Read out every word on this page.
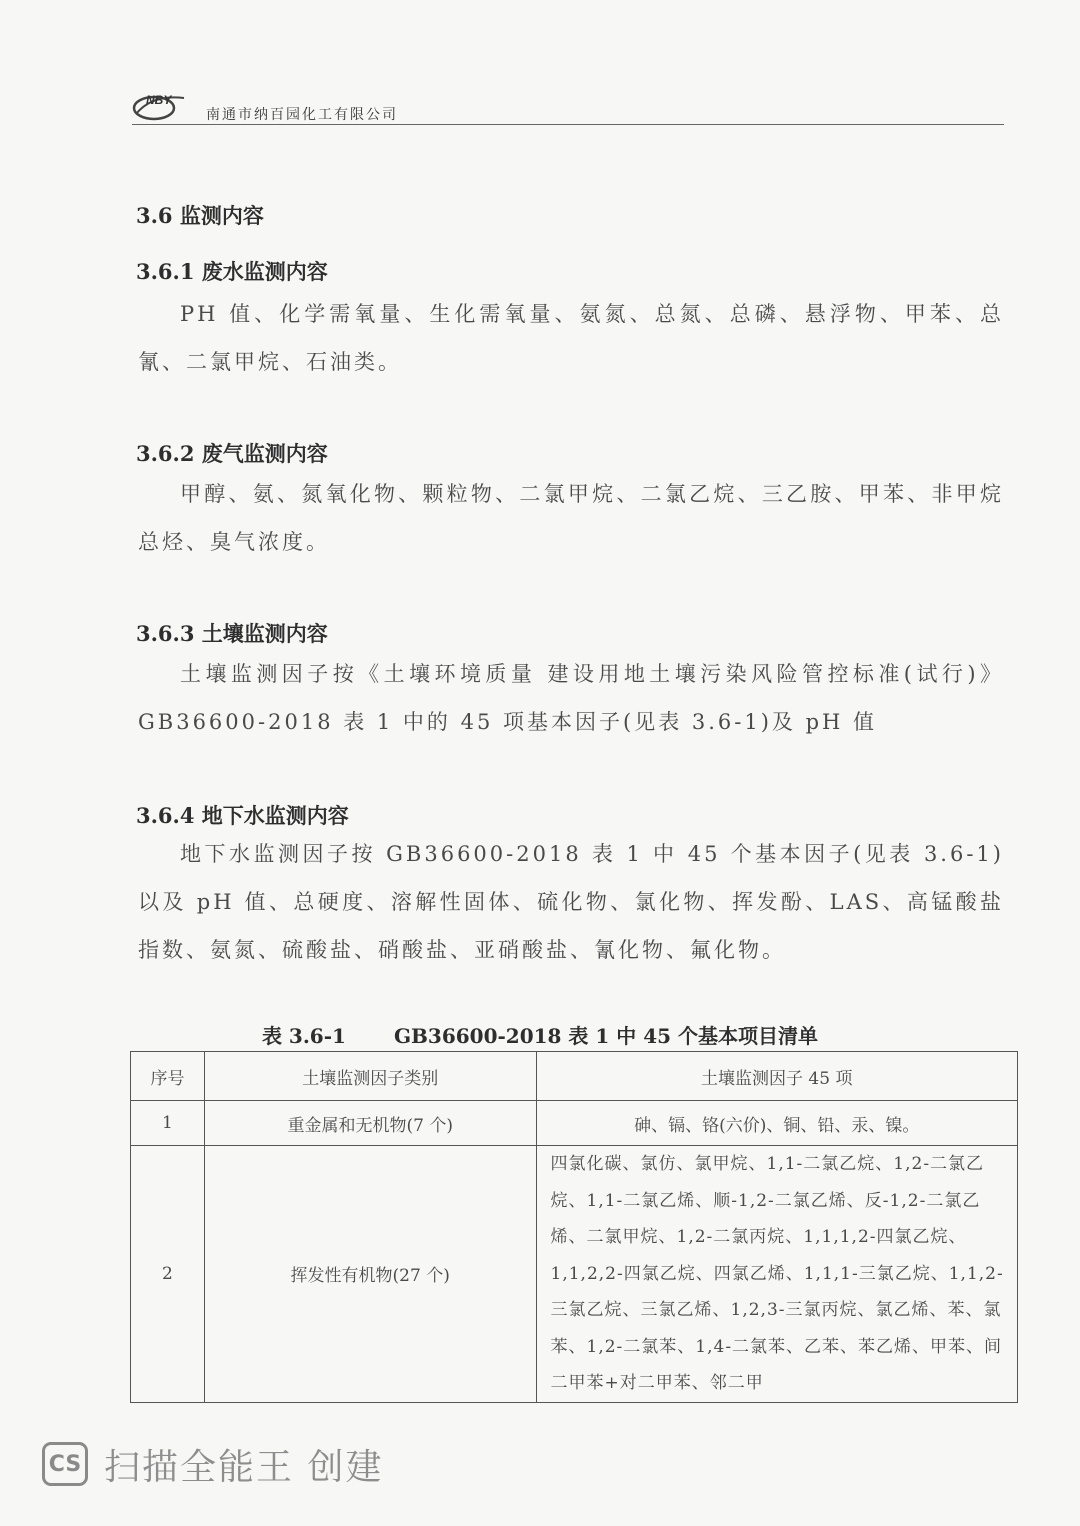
NBY
南通市纳百园化工有限公司
3.6 监测内容
3.6.1 废水监测内容
PH 值、化学需氧量、生化需氧量、氨氮、总氮、总磷、悬浮物、甲苯、总氰、二氯甲烷、石油类。
3.6.2 废气监测内容
甲醇、氨、氮氧化物、颗粒物、二氯甲烷、二氯乙烷、三乙胺、甲苯、非甲烷总烃、臭气浓度。
3.6.3 土壤监测内容
土壤监测因子按《土壤环境质量 建设用地土壤污染风险管控标准(试行)》GB36600-2018 表 1 中的 45 项基本因子(见表 3.6-1)及 pH 值
3.6.4 地下水监测内容
地下水监测因子按 GB36600-2018 表 1 中 45 个基本因子(见表 3.6-1)以及 pH 值、总硬度、溶解性固体、硫化物、氯化物、挥发酚、LAS、高锰酸盐指数、氨氮、硫酸盐、硝酸盐、亚硝酸盐、氰化物、氟化物。
表 3.6-1 GB36600-2018 表 1 中 45 个基本项目清单
序号	土壤监测因子类别	土壤监测因子 45 项
1	重金属和无机物(7 个)	砷、镉、铬(六价)、铜、铅、汞、镍。
2	挥发性有机物(27 个)	四氯化碳、氯仿、氯甲烷、1,1-二氯乙烷、1,2-二氯乙烷、1,1-二氯乙烯、顺-1,2-二氯乙烯、反-1,2-二氯乙烯、二氯甲烷、1,2-二氯丙烷、1,1,1,2-四氯乙烷、1,1,2,2-四氯乙烷、四氯乙烯、1,1,1-三氯乙烷、1,1,2-三氯乙烷、三氯乙烯、1,2,3-三氯丙烷、氯乙烯、苯、氯苯、1,2-二氯苯、1,4-二氯苯、乙苯、苯乙烯、甲苯、间二甲苯+对二甲苯、邻二甲
CS 扫描全能王 创建
